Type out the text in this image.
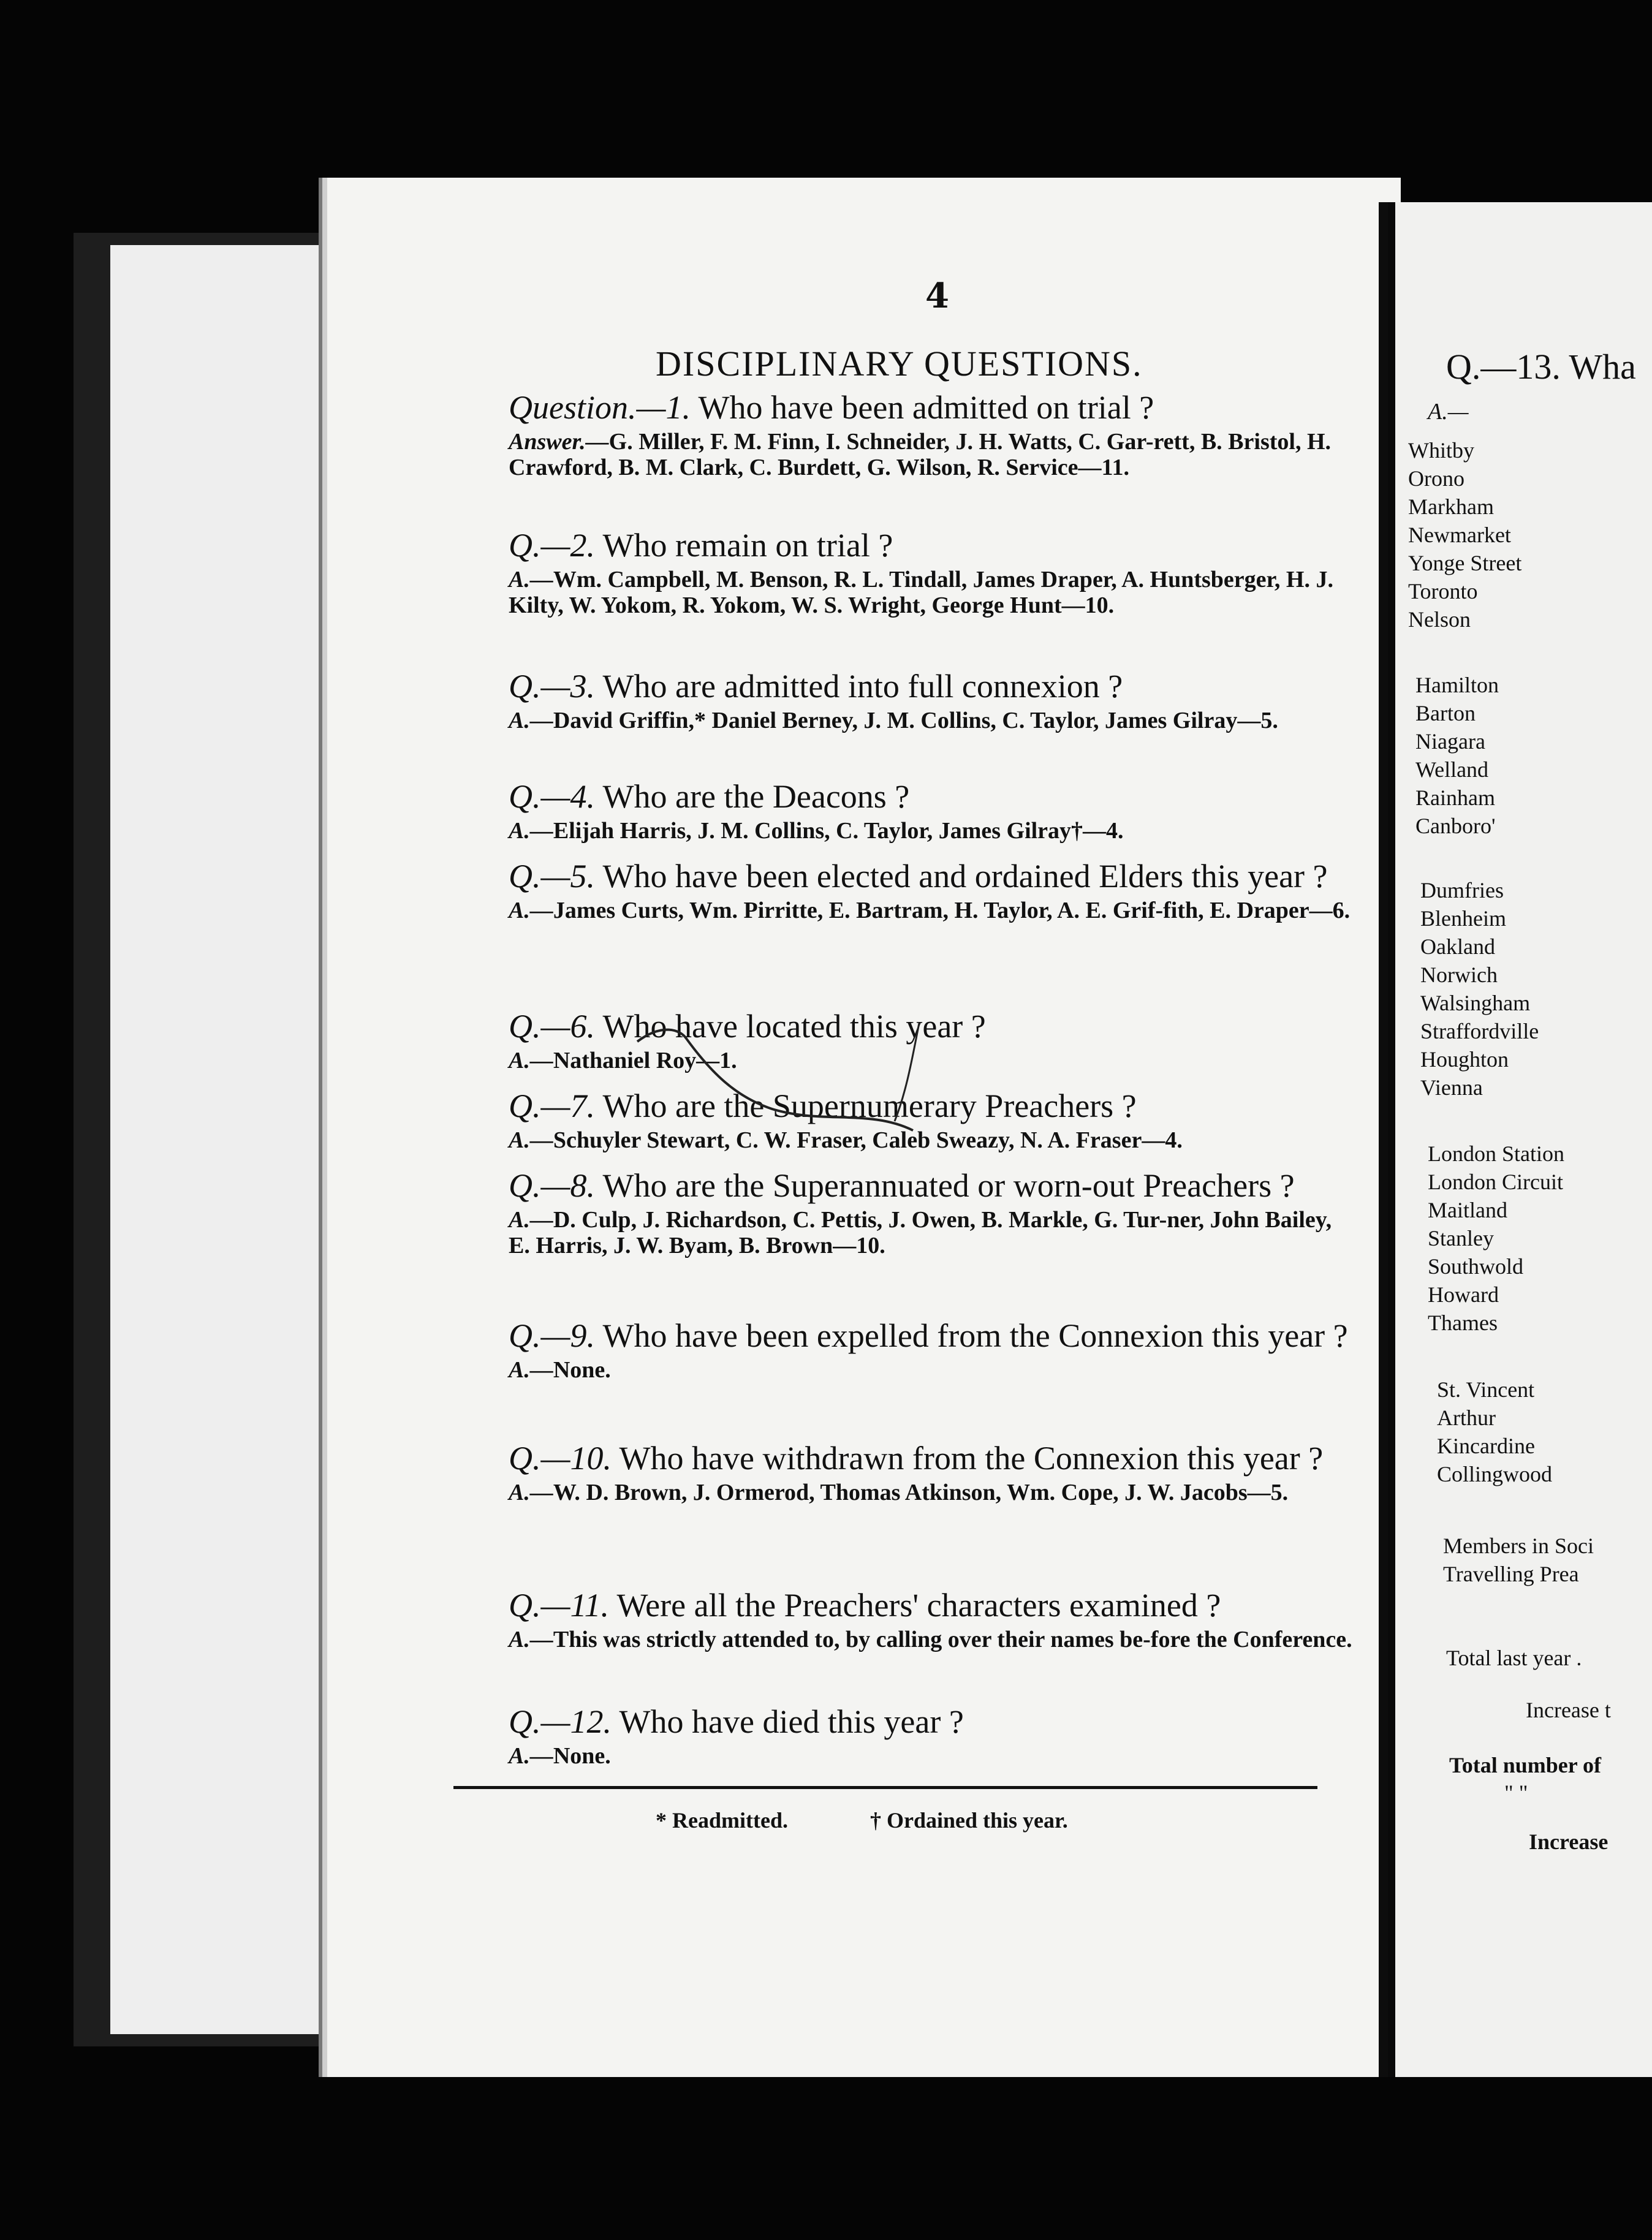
4
DISCIPLINARY QUESTIONS.
Question.—1. Who have been admitted on trial ?
Answer.—G. Miller, F. M. Finn, I. Schneider, J. H. Watts, C. Gar-rett, B. Bristol, H. Crawford, B. M. Clark, C. Burdett, G. Wilson, R. Service—11.
Q.—2. Who remain on trial ?
A.—Wm. Campbell, M. Benson, R. L. Tindall, James Draper, A. Huntsberger, H. J. Kilty, W. Yokom, R. Yokom, W. S. Wright, George Hunt—10.
Q.—3. Who are admitted into full connexion ?
A.—David Griffin,* Daniel Berney, J. M. Collins, C. Taylor, James Gilray—5.
Q.—4. Who are the Deacons ?
A.—Elijah Harris, J. M. Collins, C. Taylor, James Gilray†—4.
Q.—5. Who have been elected and ordained Elders this year ?
A.—James Curts, Wm. Pirritte, E. Bartram, H. Taylor, A. E. Grif-fith, E. Draper—6.
Q.—6. Who have located this year ?
A.—Nathaniel Roy—1.
Q.—7. Who are the Supernumerary Preachers ?
A.—Schuyler Stewart, C. W. Fraser, Caleb Sweazy, N. A. Fraser—4.
Q.—8. Who are the Superannuated or worn-out Preachers ?
A.—D. Culp, J. Richardson, C. Pettis, J. Owen, B. Markle, G. Tur-ner, John Bailey, E. Harris, J. W. Byam, B. Brown—10.
Q.—9. Who have been expelled from the Connexion this year ?
A.—None.
Q.—10. Who have withdrawn from the Connexion this year ?
A.—W. D. Brown, J. Ormerod, Thomas Atkinson, Wm. Cope, J. W. Jacobs—5.
Q.—11. Were all the Preachers' characters examined ?
A.—This was strictly attended to, by calling over their names be-fore the Conference.
Q.—12. Who have died this year ?
A.—None.
* Readmitted.	† Ordained this year.
Q.—13. Wha
A.—
Whitby
Orono
Markham
Newmarket
Yonge Street
Toronto
Nelson
Hamilton
Barton
Niagara
Welland
Rainham
Canboro'
Dumfries
Blenheim
Oakland
Norwich
Walsingham
Straffordville
Houghton
Vienna
London Station
London Circuit
Maitland
Stanley
Southwold
Howard
Thames
St. Vincent
Arthur
Kincardine
Collingwood
Members in Soci
Travelling Prea
Total last year .
Increase t
Total number of
" "
Increase
